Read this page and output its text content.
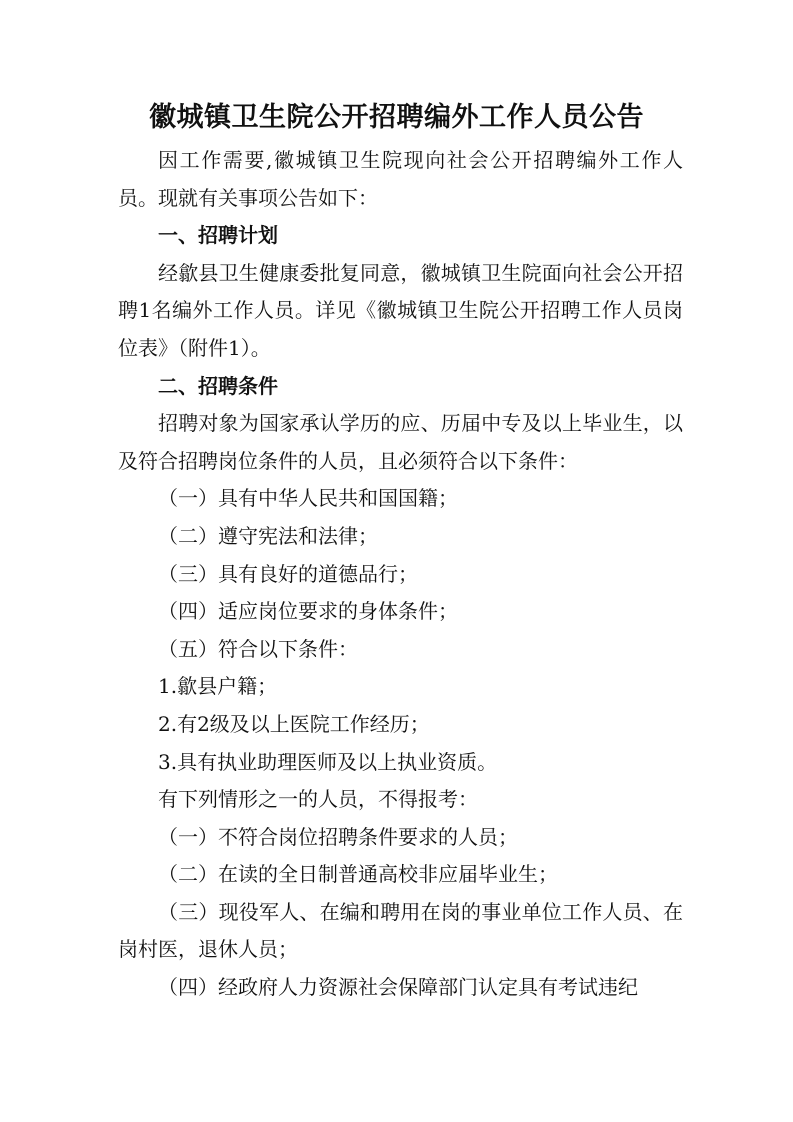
徽城镇卫生院公开招聘编外工作人员公告

因工作需要,徽城镇卫生院现向社会公开招聘编外工作人员。现就有关事项公告如下：

一、招聘计划

经歙县卫生健康委批复同意，徽城镇卫生院面向社会公开招聘1名编外工作人员。详见《徽城镇卫生院公开招聘工作人员岗位表》（附件1）。

二、招聘条件

招聘对象为国家承认学历的应、历届中专及以上毕业生，以及符合招聘岗位条件的人员，且必须符合以下条件：

（一）具有中华人民共和国国籍；

（二）遵守宪法和法律；

（三）具有良好的道德品行；

（四）适应岗位要求的身体条件；

（五）符合以下条件：

1.歙县户籍；

2.有2级及以上医院工作经历；

3.具有执业助理医师及以上执业资质。

有下列情形之一的人员，不得报考：

（一）不符合岗位招聘条件要求的人员；

（二）在读的全日制普通高校非应届毕业生；

（三）现役军人、在编和聘用在岗的事业单位工作人员、在岗村医，退休人员；

（四）经政府人力资源社会保障部门认定具有考试违纪
